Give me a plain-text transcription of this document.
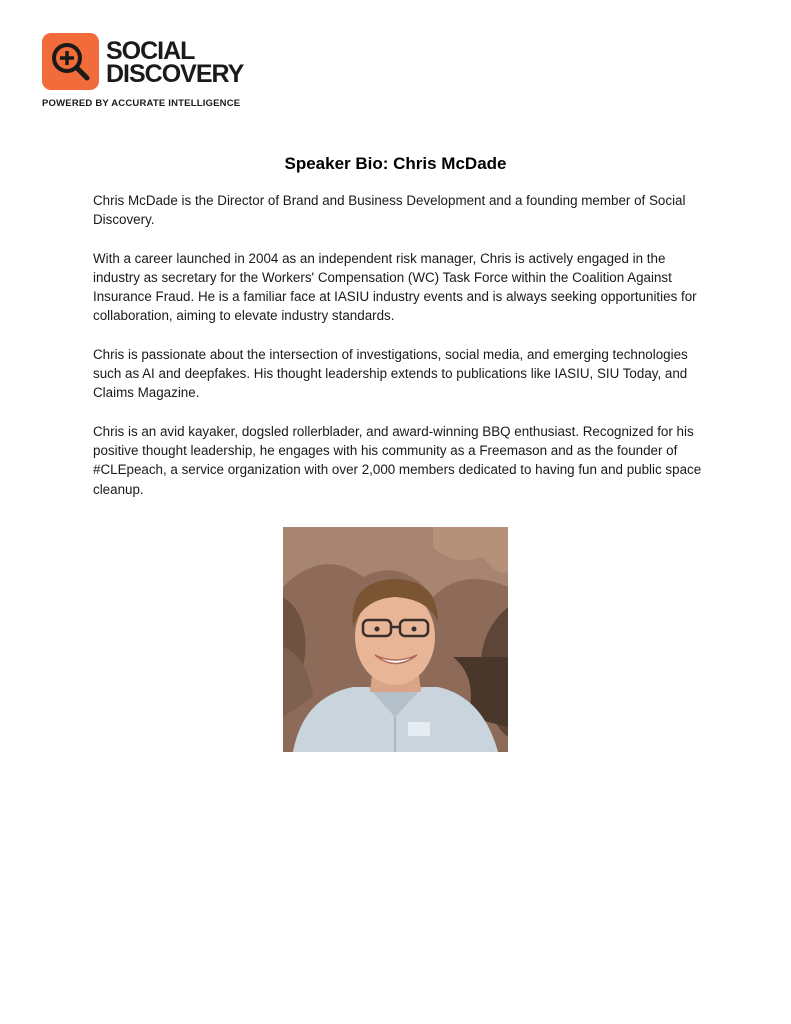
SOCIAL
DISCOVERY
POWERED BY ACCURATE INTELLIGENCE
Speaker Bio: Chris McDade

Chris McDade is the Director of Brand and Business Development and a founding member of Social Discovery.

With a career launched in 2004 as an independent risk manager, Chris is actively engaged in the industry as secretary for the Workers' Compensation (WC) Task Force within the Coalition Against Insurance Fraud. He is a familiar face at IASIU industry events and is always seeking opportunities for collaboration, aiming to elevate industry standards.

Chris is passionate about the intersection of investigations, social media, and emerging technologies such as AI and deepfakes. His thought leadership extends to publications like IASIU, SIU Today, and Claims Magazine.

Chris is an avid kayaker, dogsled rollerblader, and award-winning BBQ enthusiast. Recognized for his positive thought leadership, he engages with his community as a Freemason and as the founder of #CLEpeach, a service organization with over 2,000 members dedicated to having fun and public space cleanup.
